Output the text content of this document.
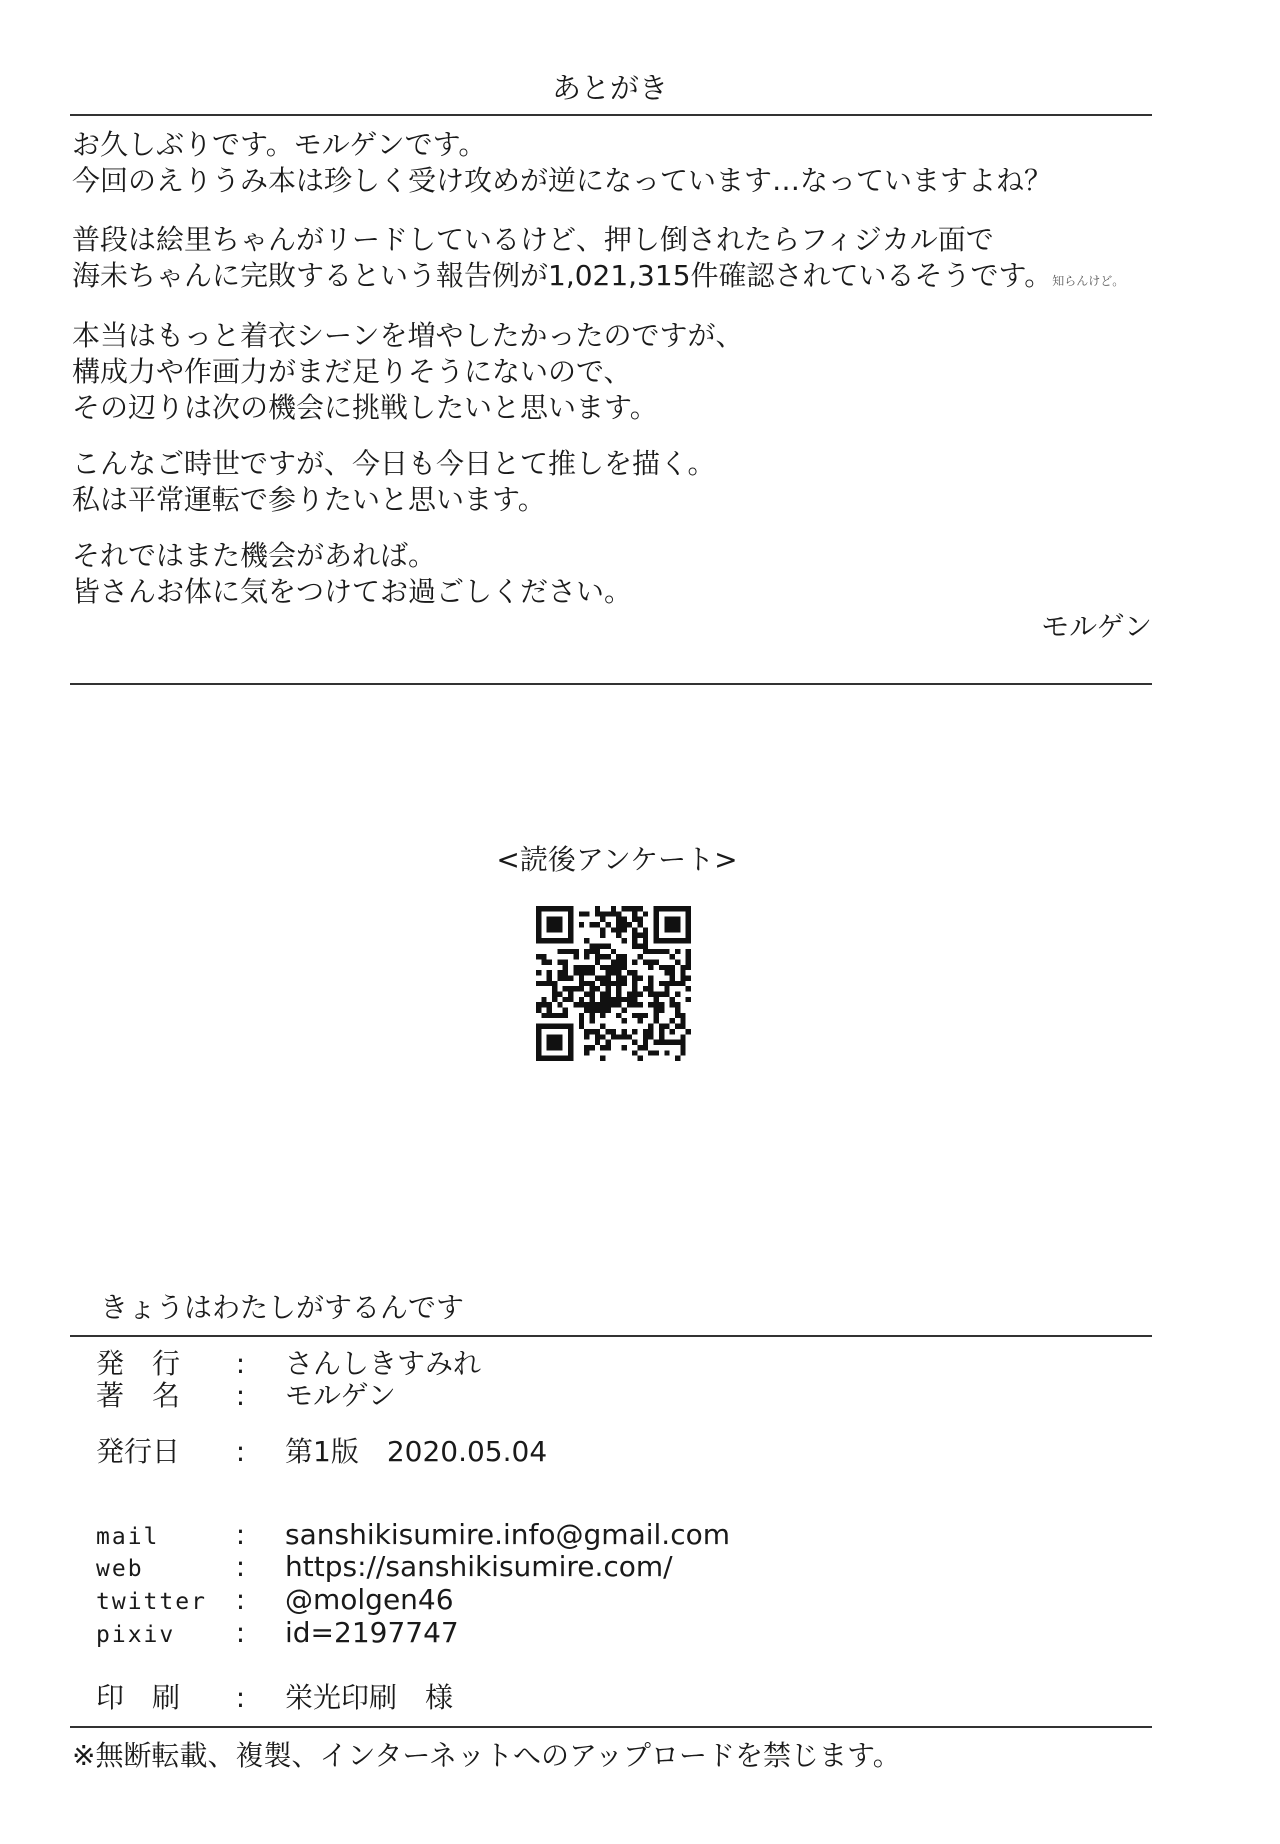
あとがき
お久しぶりです。モルゲンです。
今回のえりうみ本は珍しく受け攻めが逆になっています…なっていますよね？
普段は絵里ちゃんがリードしているけど、押し倒されたらフィジカル面で
海未ちゃんに完敗するという報告例が1,021,315件確認されているそうです。知らんけど。
本当はもっと着衣シーンを増やしたかったのですが、
構成力や作画力がまだ足りそうにないので、
その辺りは次の機会に挑戦したいと思います。
こんなご時世ですが、今日も今日とて推しを描く。
私は平常運転で参りたいと思います。
それではまた機会があれば。
皆さんお体に気をつけてお過ごしください。
モルゲン
<読後アンケート>
きょうはわたしがするんです
発　行 : さんしきすみれ
著　名 : モルゲン
発行日 : 第1版 2020.05.04
mail	: sanshikisumire.info@gmail.com
web	: https://sanshikisumire.com/
twitter : @molgen46
pixiv : id=2197747
印　刷 : 栄光印刷　様
※無断転載、複製、インターネットへのアップロードを禁じます。
